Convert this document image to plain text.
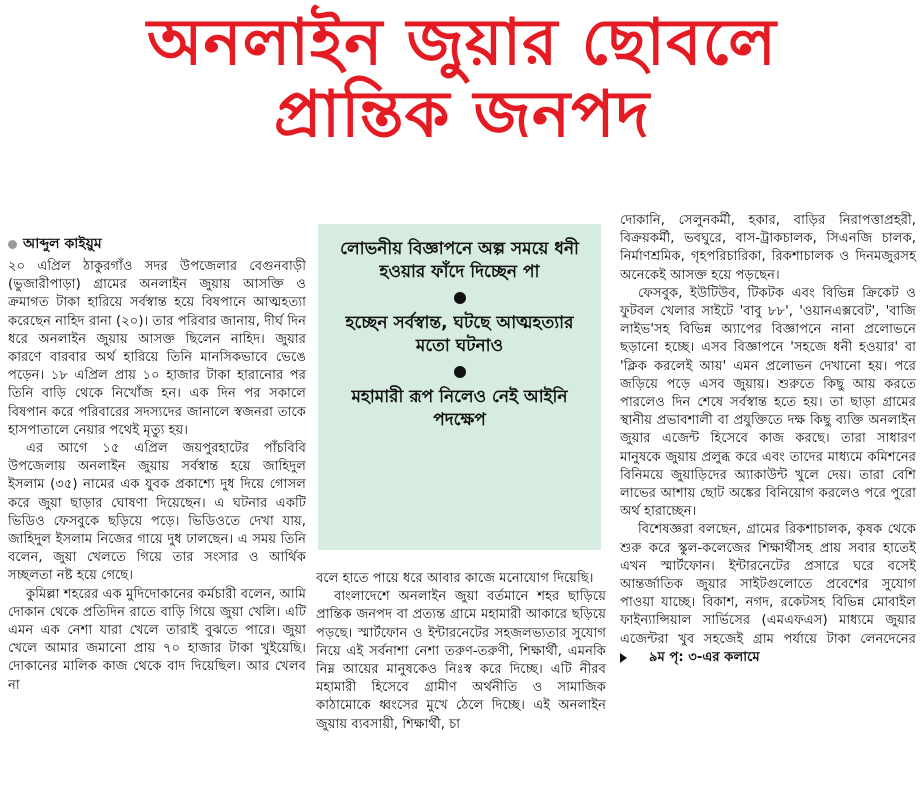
অনলাইন জুয়ার ছোবলে
প্রান্তিক জনপদ
আব্দুল কাইয়ুম

২০ এপ্রিল ঠাকুরগাঁও সদর উপজেলার বেগুনবাড়ী (ভুজারীপাড়া) গ্রামের অনলাইন জুয়ায় আসক্তি ও ক্রমাগত টাকা হারিয়ে সর্বস্বান্ত হয়ে বিষপানে আত্মহত্যা করেছেন নাহিদ রানা (২০)। তার পরিবার জানায়, দীর্ঘ দিন ধরে অনলাইন জুয়ায় আসক্ত ছিলেন নাহিদ। জুয়ার কারণে বারবার অর্থ হারিয়ে তিনি মানসিকভাবে ভেঙে পড়েন। ১৮ এপ্রিল প্রায় ১০ হাজার টাকা হারানোর পর তিনি বাড়ি থেকে নিখোঁজ হন। এক দিন পর সকালে বিষপান করে পরিবারের সদস্যদের জানালে স্বজনরা তাকে হাসপাতালে নেয়ার পথেই মৃত্যু হয়।

এর আগে ১৫ এপ্রিল জয়পুরহাটের পাঁচবিবি উপজেলায় অনলাইন জুয়ায় সর্বস্বান্ত হয়ে জাহিদুল ইসলাম (৩৫) নামের এক যুবক প্রকাশ্যে দুধ দিয়ে গোসল করে জুয়া ছাড়ার ঘোষণা দিয়েছেন। এ ঘটনার একটি ভিডিও ফেসবুকে ছড়িয়ে পড়ে। ভিডিওতে দেখা যায়, জাহিদুল ইসলাম নিজের গায়ে দুধ ঢালছেন। এ সময় তিনি বলেন, জুয়া খেলতে গিয়ে তার সংসার ও আর্থিক সচ্ছলতা নষ্ট হয়ে গেছে।

কুমিল্লা শহরের এক মুদিদোকানের কর্মচারী বলেন, আমি দোকান থেকে প্রতিদিন রাতে বাড়ি গিয়ে জুয়া খেলি। এটি এমন এক নেশা যারা খেলে তারাই বুঝতে পারে। জুয়া খেলে আমার জমানো প্রায় ৭০ হাজার টাকা খুইয়েছি। দোকানের মালিক কাজ থেকে বাদ দিয়েছিল। আর খেলব না

লোভনীয় বিজ্ঞাপনে অল্প সময়ে ধনী হওয়ার ফাঁদে দিচ্ছেন পা
হচ্ছেন সর্বস্বান্ত, ঘটছে আত্মহত্যার মতো ঘটনাও
মহামারী রূপ নিলেও নেই আইনি পদক্ষেপ

বলে হাতে পায়ে ধরে আবার কাজে মনোযোগ দিয়েছি।

বাংলাদেশে অনলাইন জুয়া বর্তমানে শহর ছাড়িয়ে প্রান্তিক জনপদ বা প্রত্যন্ত গ্রামে মহামারী আকারে ছড়িয়ে পড়ছে। স্মার্টফোন ও ইন্টারনেটের সহজলভ্যতার সুযোগ নিয়ে এই সর্বনাশা নেশা তরুণ-তরুণী, শিক্ষার্থী, এমনকি নিম্ন আয়ের মানুষকেও নিঃস্ব করে দিচ্ছে। এটি নীরব মহামারী হিসেবে গ্রামীণ অর্থনীতি ও সামাজিক কাঠামোকে ধ্বংসের মুখে ঠেলে দিচ্ছে। এই অনলাইন জুয়ায় ব্যবসায়ী, শিক্ষার্থী, চা

দোকানি, সেলুনকর্মী, হকার, বাড়ির নিরাপত্তাপ্রহরী, বিক্রয়কর্মী, ভবঘুরে, বাস-ট্রাকচালক, সিএনজি চালক, নির্মাণশ্রমিক, গৃহপরিচারিকা, রিকশাচালক ও দিনমজুরসহ অনেকেই আসক্ত হয়ে পড়ছেন।

ফেসবুক, ইউটিউব, টিকটক এবং বিভিন্ন ক্রিকেট ও ফুটবল খেলার সাইটে 'বাবু ৮৮', 'ওয়ানএক্সবেট', 'বাজি লাইভ'সহ বিভিন্ন অ্যাপের বিজ্ঞাপনে নানা প্রলোভনে ছড়ানো হচ্ছে। এসব বিজ্ঞাপনে 'সহজে ধনী হওয়ার' বা 'ক্লিক করলেই আয়' এমন প্রলোভন দেখানো হয়। পরে জড়িয়ে পড়ে এসব জুয়ায়। শুরুতে কিছু আয় করতে পারলেও দিন শেষে সর্বস্বান্ত হতে হয়। তা ছাড়া গ্রামের স্থানীয় প্রভাবশালী বা প্রযুক্তিতে দক্ষ কিছু ব্যক্তি অনলাইন জুয়ার এজেন্ট হিসেবে কাজ করছে। তারা সাধারণ মানুষকে জুয়ায় প্রলুব্ধ করে এবং তাদের মাধ্যমে কমিশনের বিনিময়ে জুয়াড়িদের অ্যাকাউন্ট খুলে দেয়। তারা বেশি লাভের আশায় ছোট অঙ্কের বিনিয়োগ করলেও পরে পুরো অর্থ হারাচ্ছেন।

বিশেষজ্ঞরা বলছেন, গ্রামের রিকশাচালক, কৃষক থেকে শুরু করে স্কুল-কলেজের শিক্ষার্থীসহ প্রায় সবার হাতেই এখন স্মার্টফোন। ইন্টারনেটের প্রসারে ঘরে বসেই আন্তর্জাতিক জুয়ার সাইটগুলোতে প্রবেশের সুযোগ পাওয়া যাচ্ছে। বিকাশ, নগদ, রকেটসহ বিভিন্ন মোবাইল ফাইন্যান্সিয়াল সার্ভিসের (এমএফএস) মাধ্যমে জুয়ার এজেন্টরা খুব সহজেই গ্রাম পর্যায়ে টাকা লেনদেনের
৯ম পৃ: ৩-এর কলামে
